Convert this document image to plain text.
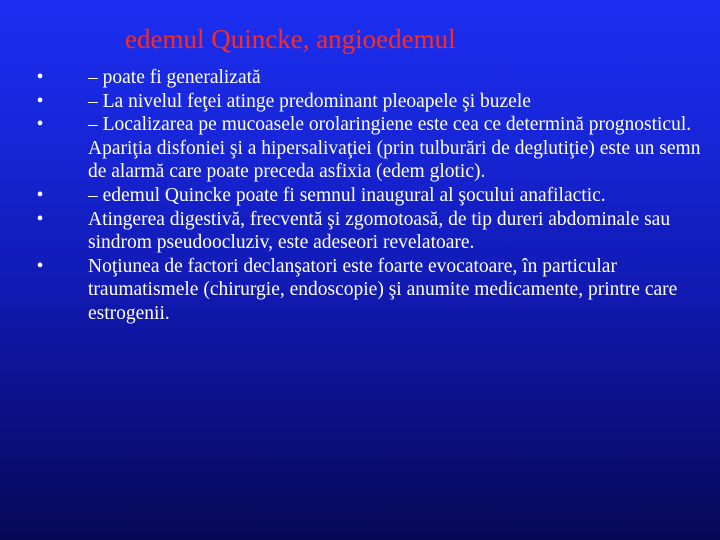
edemul Quincke, angioedemul
• – poate fi generalizată
• – La nivelul feţei atinge predominant pleoapele şi buzele
• – Localizarea pe mucoasele orolaringiene este cea ce determină prognosticul. Apariţia disfoniei şi a hipersalivaţiei (prin tulburări de deglutiţie) este un semn de alarmă care poate preceda asfixia (edem glotic).
• – edemul Quincke poate fi semnul inaugural al şocului anafilactic.
• Atingerea digestivă, frecventă şi zgomotoasă, de tip dureri abdominale sau sindrom pseudoocluziv, este adeseori revelatoare.
• Noţiunea de factori declanşatori este foarte evocatoare, în particular traumatismele (chirurgie, endoscopie) şi anumite medicamente, printre care estrogenii.
